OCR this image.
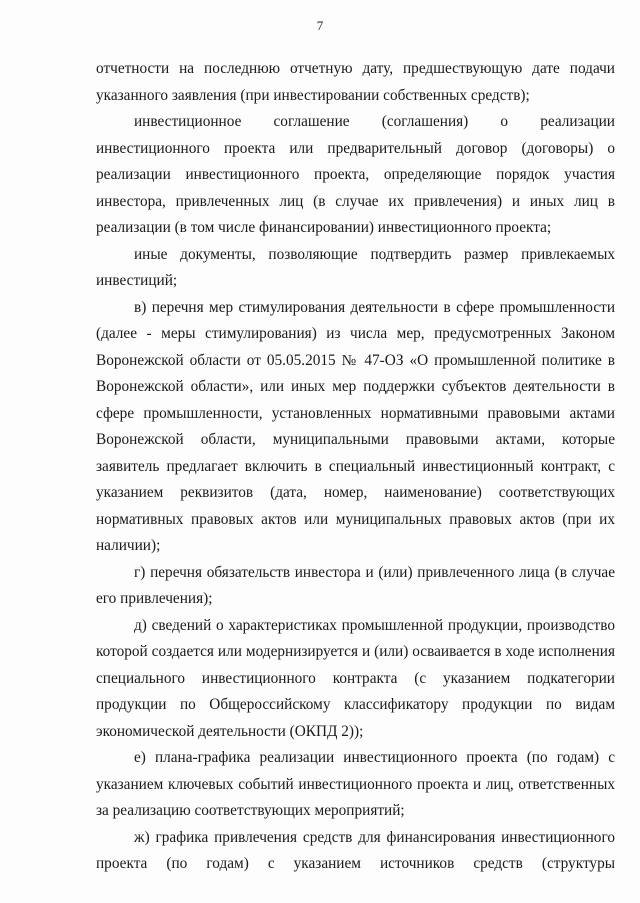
7

отчетности на последнюю отчетную дату, предшествующую дате подачи указанного заявления (при инвестировании собственных средств);

инвестиционное соглашение (соглашения) о реализации инвестиционного проекта или предварительный договор (договоры) о реализации инвестиционного проекта, определяющие порядок участия инвестора, привлеченных лиц (в случае их привлечения) и иных лиц в реализации (в том числе финансировании) инвестиционного проекта;

иные документы, позволяющие подтвердить размер привлекаемых инвестиций;

в) перечня мер стимулирования деятельности в сфере промышленности (далее - меры стимулирования) из числа мер, предусмотренных Законом Воронежской области от 05.05.2015 № 47-ОЗ «О промышленной политике в Воронежской области», или иных мер поддержки субъектов деятельности в сфере промышленности, установленных нормативными правовыми актами Воронежской области, муниципальными правовыми актами, которые заявитель предлагает включить в специальный инвестиционный контракт, с указанием реквизитов (дата, номер, наименование) соответствующих нормативных правовых актов или муниципальных правовых актов (при их наличии);

г) перечня обязательств инвестора и (или) привлеченного лица (в случае его привлечения);

д) сведений о характеристиках промышленной продукции, производство которой создается или модернизируется и (или) осваивается в ходе исполнения специального инвестиционного контракта (с указанием подкатегории продукции по Общероссийскому классификатору продукции по видам экономической деятельности (ОКПД 2));

е) плана-графика реализации инвестиционного проекта (по годам) с указанием ключевых событий инвестиционного проекта и лиц, ответственных за реализацию соответствующих мероприятий;

ж) графика привлечения средств для финансирования инвестиционного проекта (по годам) с указанием источников средств (структуры
